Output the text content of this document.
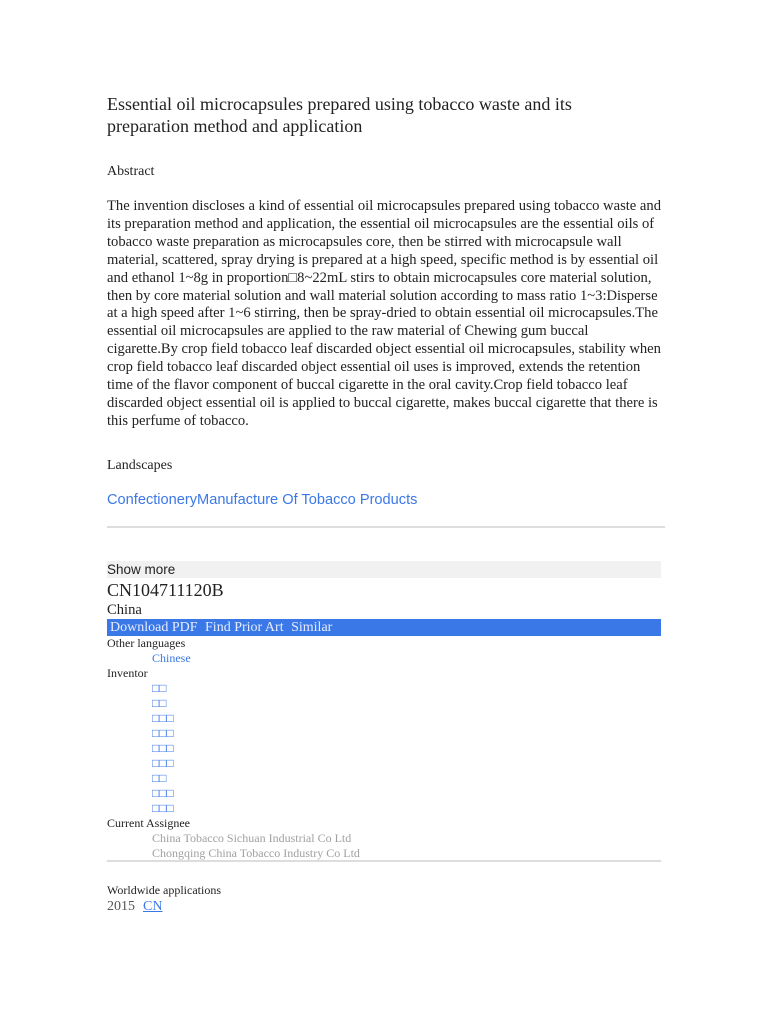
Essential oil microcapsules prepared using tobacco waste and its preparation method and application
Abstract

The invention discloses a kind of essential oil microcapsules prepared using tobacco waste and its preparation method and application, the essential oil microcapsules are the essential oils of tobacco waste preparation as microcapsules core, then be stirred with microcapsule wall material, scattered, spray drying is prepared at a high speed, specific method is by essential oil and ethanol 1~8g in proportion□8~22mL stirs to obtain microcapsules core material solution, then by core material solution and wall material solution according to mass ratio 1~3:Disperse at a high speed after 1~6 stirring, then be spray-dried to obtain essential oil microcapsules.The essential oil microcapsules are applied to the raw material of Chewing gum buccal cigarette.By crop field tobacco leaf discarded object essential oil microcapsules, stability when crop field tobacco leaf discarded object essential oil uses is improved, extends the retention time of the flavor component of buccal cigarette in the oral cavity.Crop field tobacco leaf discarded object essential oil is applied to buccal cigarette, makes buccal cigarette that there is this perfume of tobacco.

Landscapes
ConfectioneryManufacture Of Tobacco Products
Show more
CN104711120B
China
Download PDF Find Prior Art Similar
Other languages
Chinese
Inventor
□□
□□
□□□
□□□
□□□
□□□
□□
□□□
□□□
Current Assignee
China Tobacco Sichuan Industrial Co Ltd
Chongqing China Tobacco Industry Co Ltd
Worldwide applications
2015 CN
